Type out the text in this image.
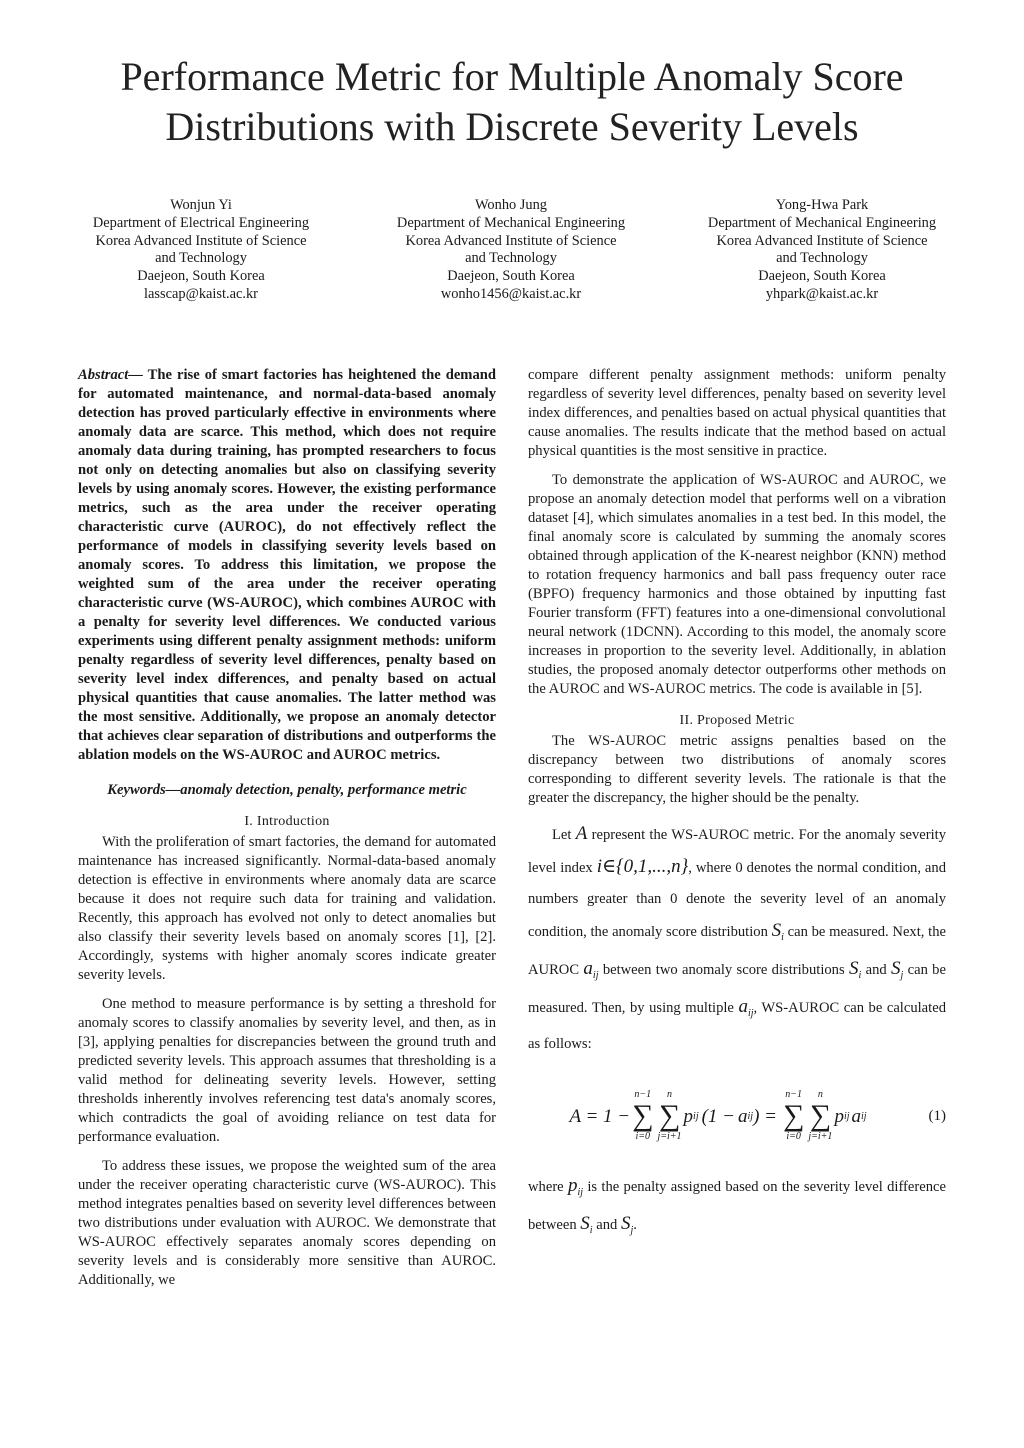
Performance Metric for Multiple Anomaly Score
Distributions with Discrete Severity Levels
Wonjun Yi
Department of Electrical Engineering
Korea Advanced Institute of Science
and Technology
Daejeon, South Korea
lasscap@kaist.ac.kr
Wonho Jung
Department of Mechanical Engineering
Korea Advanced Institute of Science
and Technology
Daejeon, South Korea
wonho1456@kaist.ac.kr
Yong-Hwa Park
Department of Mechanical Engineering
Korea Advanced Institute of Science
and Technology
Daejeon, South Korea
yhpark@kaist.ac.kr

Abstract— The rise of smart factories has heightened the demand for automated maintenance, and normal-data-based anomaly detection has proved particularly effective in environments where anomaly data are scarce. This method, which does not require anomaly data during training, has prompted researchers to focus not only on detecting anomalies but also on classifying severity levels by using anomaly scores. However, the existing performance metrics, such as the area under the receiver operating characteristic curve (AUROC), do not effectively reflect the performance of models in classifying severity levels based on anomaly scores. To address this limitation, we propose the weighted sum of the area under the receiver operating characteristic curve (WS-AUROC), which combines AUROC with a penalty for severity level differences. We conducted various experiments using different penalty assignment methods: uniform penalty regardless of severity level differences, penalty based on severity level index differences, and penalty based on actual physical quantities that cause anomalies. The latter method was the most sensitive. Additionally, we propose an anomaly detector that achieves clear separation of distributions and outperforms the ablation models on the WS-AUROC and AUROC metrics.

Keywords—anomaly detection, penalty, performance metric

I. Introduction

With the proliferation of smart factories, the demand for automated maintenance has increased significantly. Normal-data-based anomaly detection is effective in environments where anomaly data are scarce because it does not require such data for training and validation. Recently, this approach has evolved not only to detect anomalies but also classify their severity levels based on anomaly scores [1], [2]. Accordingly, systems with higher anomaly scores indicate greater severity levels.

One method to measure performance is by setting a threshold for anomaly scores to classify anomalies by severity level, and then, as in [3], applying penalties for discrepancies between the ground truth and predicted severity levels. This approach assumes that thresholding is a valid method for delineating severity levels. However, setting thresholds inherently involves referencing test data's anomaly scores, which contradicts the goal of avoiding reliance on test data for performance evaluation.

To address these issues, we propose the weighted sum of the area under the receiver operating characteristic curve (WS-AUROC). This method integrates penalties based on severity level differences between two distributions under evaluation with AUROC. We demonstrate that WS-AUROC effectively separates anomaly scores depending on severity levels and is considerably more sensitive than AUROC. Additionally, we

compare different penalty assignment methods: uniform penalty regardless of severity level differences, penalty based on severity level index differences, and penalties based on actual physical quantities that cause anomalies. The results indicate that the method based on actual physical quantities is the most sensitive in practice.

To demonstrate the application of WS-AUROC and AUROC, we propose an anomaly detection model that performs well on a vibration dataset [4], which simulates anomalies in a test bed. In this model, the final anomaly score is calculated by summing the anomaly scores obtained through application of the K-nearest neighbor (KNN) method to rotation frequency harmonics and ball pass frequency outer race (BPFO) frequency harmonics and those obtained by inputting fast Fourier transform (FFT) features into a one-dimensional convolutional neural network (1DCNN). According to this model, the anomaly score increases in proportion to the severity level. Additionally, in ablation studies, the proposed anomaly detector outperforms other methods on the AUROC and WS-AUROC metrics. The code is available in [5].

II. Proposed Metric

The WS-AUROC metric assigns penalties based on the discrepancy between two distributions of anomaly scores corresponding to different severity levels. The rationale is that the greater the discrepancy, the higher should be the penalty.

Let A represent the WS-AUROC metric. For the anomaly severity level index i∈{0,1,...,n}, where 0 denotes the normal condition, and numbers greater than 0 denote the severity level of an anomaly condition, the anomaly score distribution $S_i$ can be measured. Next, the AUROC $a_{ij}$ between two anomaly score distributions $S_i$ and $S_j$ can be measured. Then, by using multiple $a_{ij}$, WS-AUROC can be calculated as follows:

A = 1 −
n−1
∑
i=0
n
∑
j=i+1
p ij (1 − a ij ) =
n−1
∑
i=0
n
∑
j=i+1
p ij a ij	(1)

where $p_{ij}$ is the penalty assigned based on the severity level difference between $S_i$ and $S_j$.
